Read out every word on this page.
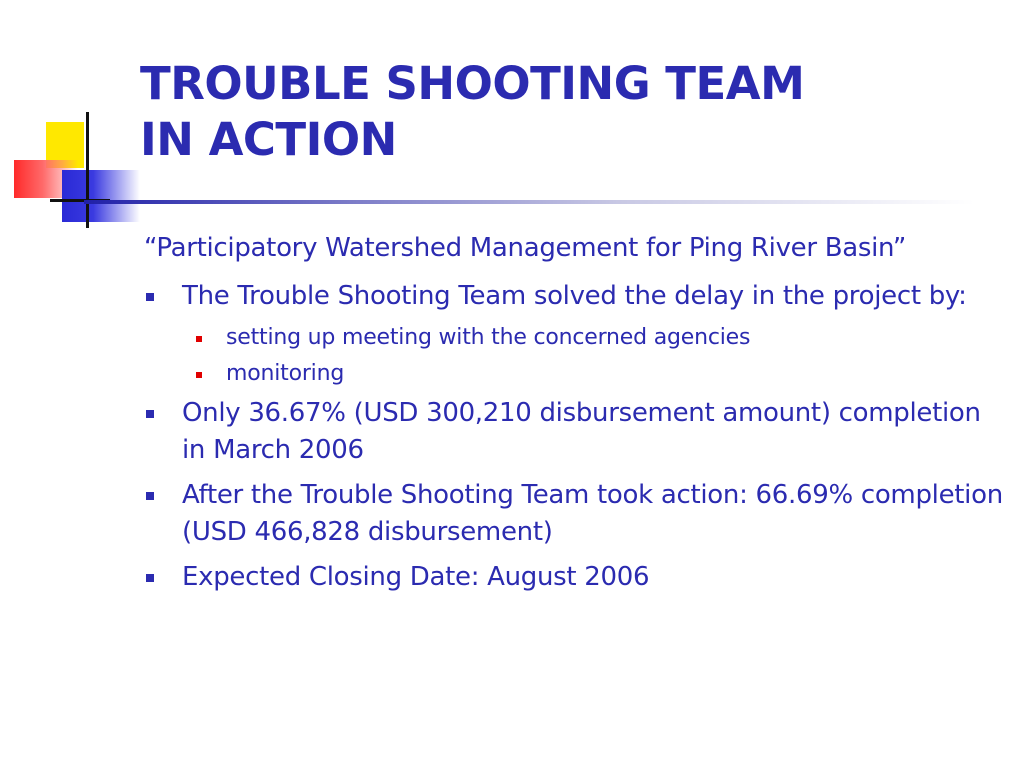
TROUBLE SHOOTING TEAM
IN ACTION

“Participatory Watershed Management for Ping River Basin”

The Trouble Shooting Team solved the delay in the project by:
setting up meeting with the concerned agencies
monitoring
Only 36.67% (USD 300,210 disbursement amount) completion in March 2006
After the Trouble Shooting Team took action: 66.69% completion (USD 466,828 disbursement)
Expected Closing Date: August 2006
